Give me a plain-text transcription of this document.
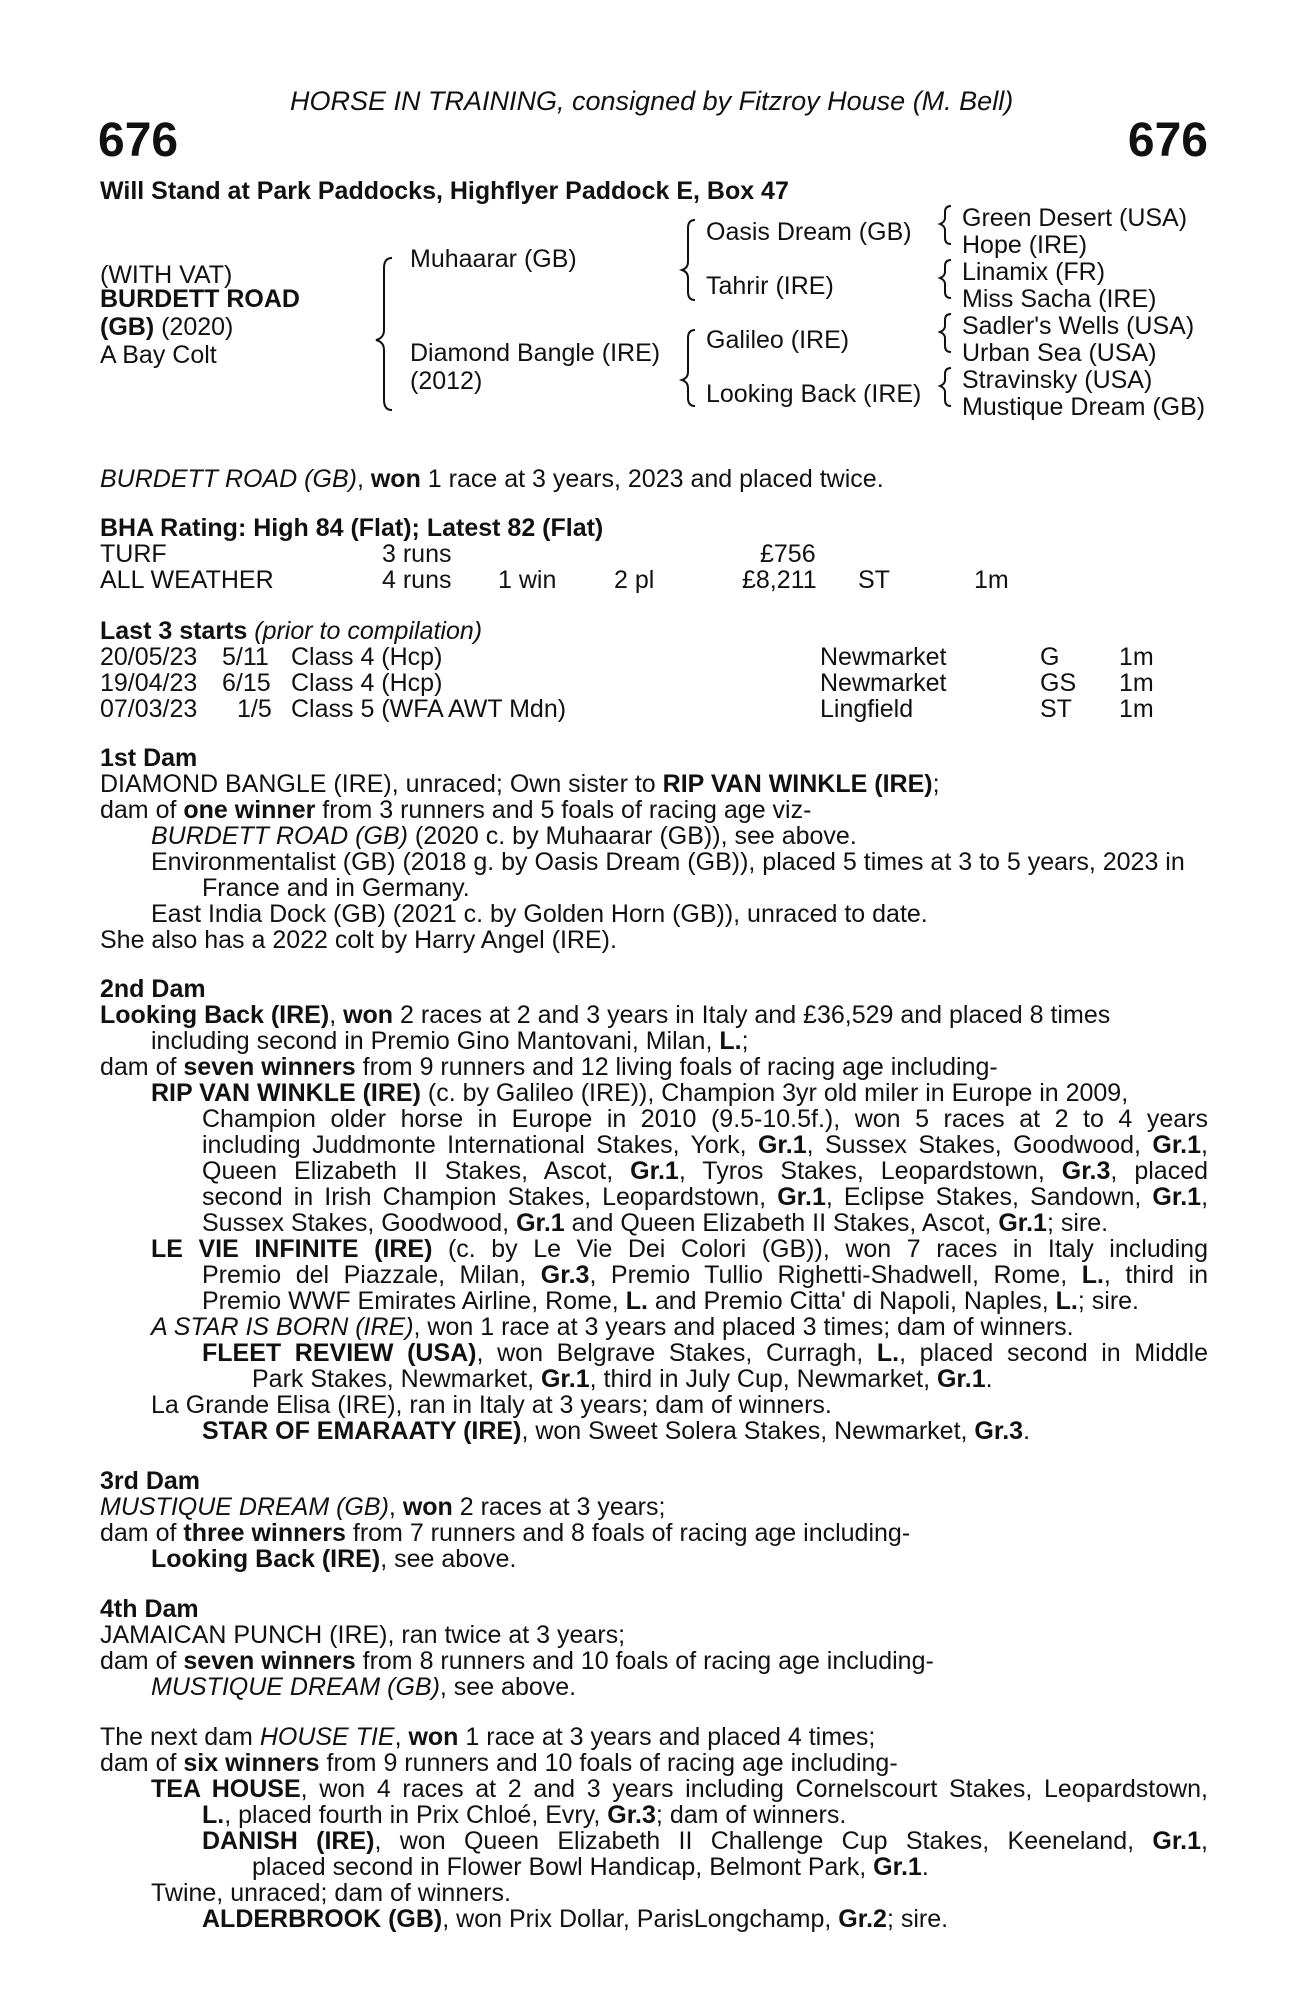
HORSE IN TRAINING, consigned by Fitzroy House (M. Bell)
676	676
Will Stand at Park Paddocks, Highflyer Paddock E, Box 47
(WITH VAT)
BURDETT ROAD
(GB) (2020)
A Bay Colt
Muhaarar (GB)
Diamond Bangle (IRE)
(2012)
Oasis Dream (GB)
Tahrir (IRE)
Galileo (IRE)
Looking Back (IRE)
Green Desert (USA)
Hope (IRE)
Linamix (FR)
Miss Sacha (IRE)
Sadler's Wells (USA)
Urban Sea (USA)
Stravinsky (USA)
Mustique Dream (GB)
BURDETT ROAD (GB), won 1 race at 3 years, 2023 and placed twice.
BHA Rating: High 84 (Flat); Latest 82 (Flat)
TURF	3 runs	£756
ALL WEATHER	4 runs 1 win 2 pl	£8,211 ST	1m
Last 3 starts (prior to compilation)
20/05/23 5/11 Class 4 (Hcp)	Newmarket	G 1m
19/04/23 6/15 Class 4 (Hcp)	Newmarket	GS 1m
07/03/23 1/5 Class 5 (WFA AWT Mdn)	Lingfield	ST 1m
1st Dam
DIAMOND BANGLE (IRE), unraced; Own sister to RIP VAN WINKLE (IRE);
dam of one winner from 3 runners and 5 foals of racing age viz-
BURDETT ROAD (GB) (2020 c. by Muhaarar (GB)), see above.
Environmentalist (GB) (2018 g. by Oasis Dream (GB)), placed 5 times at 3 to 5 years, 2023 in
France and in Germany.
East India Dock (GB) (2021 c. by Golden Horn (GB)), unraced to date.
She also has a 2022 colt by Harry Angel (IRE).
2nd Dam
Looking Back (IRE), won 2 races at 2 and 3 years in Italy and £36,529 and placed 8 times
including second in Premio Gino Mantovani, Milan, L.;
dam of seven winners from 9 runners and 12 living foals of racing age including-
RIP VAN WINKLE (IRE) (c. by Galileo (IRE)), Champion 3yr old miler in Europe in 2009,
Champion older horse in Europe in 2010 (9.5-10.5f.), won 5 races at 2 to 4 years
including Juddmonte International Stakes, York, Gr.1, Sussex Stakes, Goodwood, Gr.1,
Queen Elizabeth II Stakes, Ascot, Gr.1, Tyros Stakes, Leopardstown, Gr.3, placed
second in Irish Champion Stakes, Leopardstown, Gr.1, Eclipse Stakes, Sandown, Gr.1,
Sussex Stakes, Goodwood, Gr.1 and Queen Elizabeth II Stakes, Ascot, Gr.1; sire.
LE VIE INFINITE (IRE) (c. by Le Vie Dei Colori (GB)), won 7 races in Italy including
Premio del Piazzale, Milan, Gr.3, Premio Tullio Righetti-Shadwell, Rome, L., third in
Premio WWF Emirates Airline, Rome, L. and Premio Citta' di Napoli, Naples, L.; sire.
A STAR IS BORN (IRE), won 1 race at 3 years and placed 3 times; dam of winners.
FLEET REVIEW (USA), won Belgrave Stakes, Curragh, L., placed second in Middle
Park Stakes, Newmarket, Gr.1, third in July Cup, Newmarket, Gr.1.
La Grande Elisa (IRE), ran in Italy at 3 years; dam of winners.
STAR OF EMARAATY (IRE), won Sweet Solera Stakes, Newmarket, Gr.3.
3rd Dam
MUSTIQUE DREAM (GB), won 2 races at 3 years;
dam of three winners from 7 runners and 8 foals of racing age including-
Looking Back (IRE), see above.
4th Dam
JAMAICAN PUNCH (IRE), ran twice at 3 years;
dam of seven winners from 8 runners and 10 foals of racing age including-
MUSTIQUE DREAM (GB), see above.
The next dam HOUSE TIE, won 1 race at 3 years and placed 4 times;
dam of six winners from 9 runners and 10 foals of racing age including-
TEA HOUSE, won 4 races at 2 and 3 years including Cornelscourt Stakes, Leopardstown,
L., placed fourth in Prix Chloé, Evry, Gr.3; dam of winners.
DANISH (IRE), won Queen Elizabeth II Challenge Cup Stakes, Keeneland, Gr.1,
placed second in Flower Bowl Handicap, Belmont Park, Gr.1.
Twine, unraced; dam of winners.
ALDERBROOK (GB), won Prix Dollar, ParisLongchamp, Gr.2; sire.
